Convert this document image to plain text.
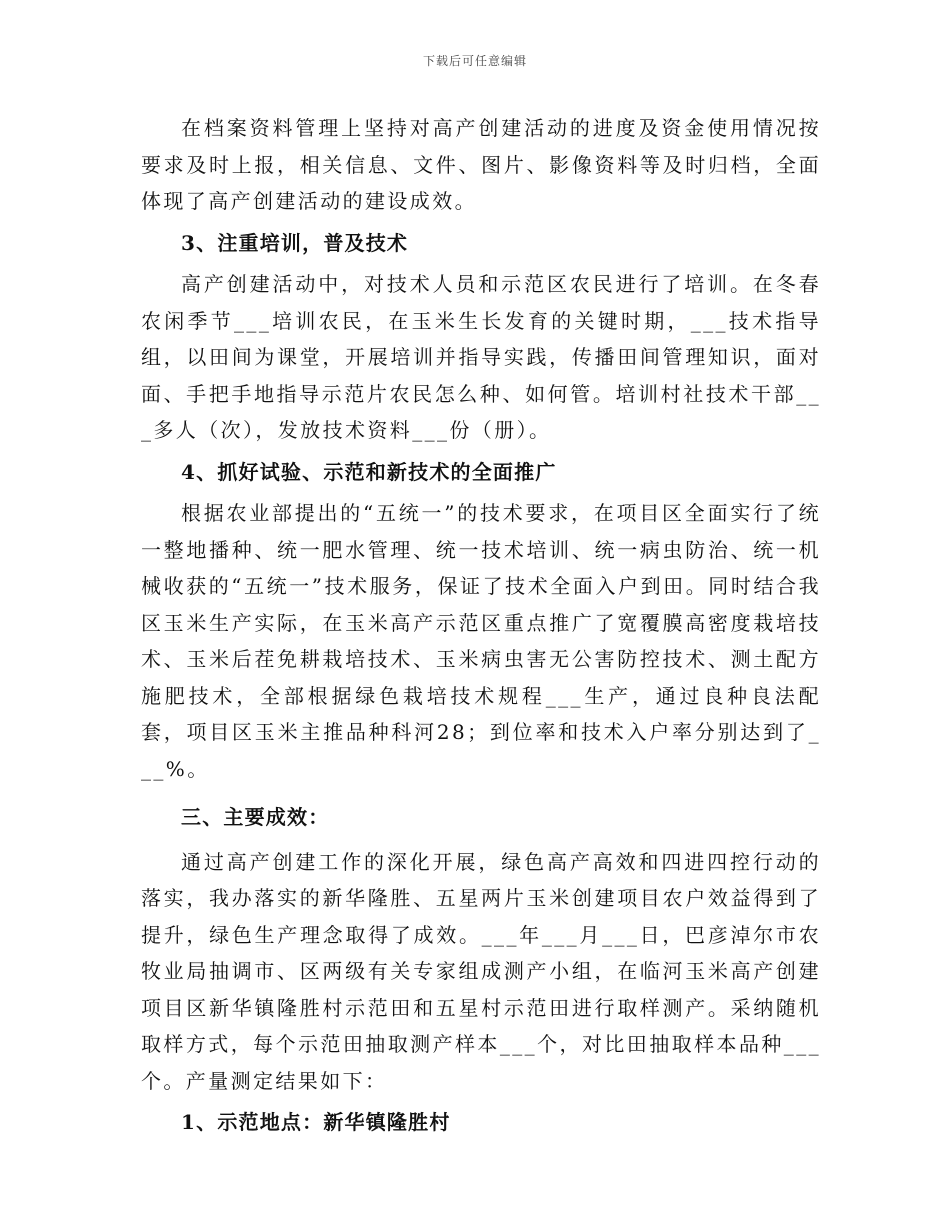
下载后可任意编辑

在档案资料管理上坚持对高产创建活动的进度及资金使用情况按要求及时上报，相关信息、文件、图片、影像资料等及时归档，全面体现了高产创建活动的建设成效。

3、注重培训，普及技术

高产创建活动中，对技术人员和示范区农民进行了培训。在冬春农闲季节___培训农民，在玉米生长发育的关键时期，___技术指导组，以田间为课堂，开展培训并指导实践，传播田间管理知识，面对面、手把手地指导示范片农民怎么种、如何管。培训村社技术干部___多人（次），发放技术资料___份（册）。

4、抓好试验、示范和新技术的全面推广

根据农业部提出的“五统一”的技术要求，在项目区全面实行了统一整地播种、统一肥水管理、统一技术培训、统一病虫防治、统一机械收获的“五统一”技术服务，保证了技术全面入户到田。同时结合我区玉米生产实际，在玉米高产示范区重点推广了宽覆膜高密度栽培技术、玉米后茬免耕栽培技术、玉米病虫害无公害防控技术、测土配方施肥技术，全部根据绿色栽培技术规程___生产，通过良种良法配套，项目区玉米主推品种科河28；到位率和技术入户率分别达到了___%。

三、主要成效：

通过高产创建工作的深化开展，绿色高产高效和四进四控行动的落实，我办落实的新华隆胜、五星两片玉米创建项目农户效益得到了提升，绿色生产理念取得了成效。___年___月___日，巴彦淖尔市农牧业局抽调市、区两级有关专家组成测产小组，在临河玉米高产创建项目区新华镇隆胜村示范田和五星村示范田进行取样测产。采纳随机取样方式，每个示范田抽取测产样本___个，对比田抽取样本品种___个。产量测定结果如下：

1、示范地点：新华镇隆胜村
